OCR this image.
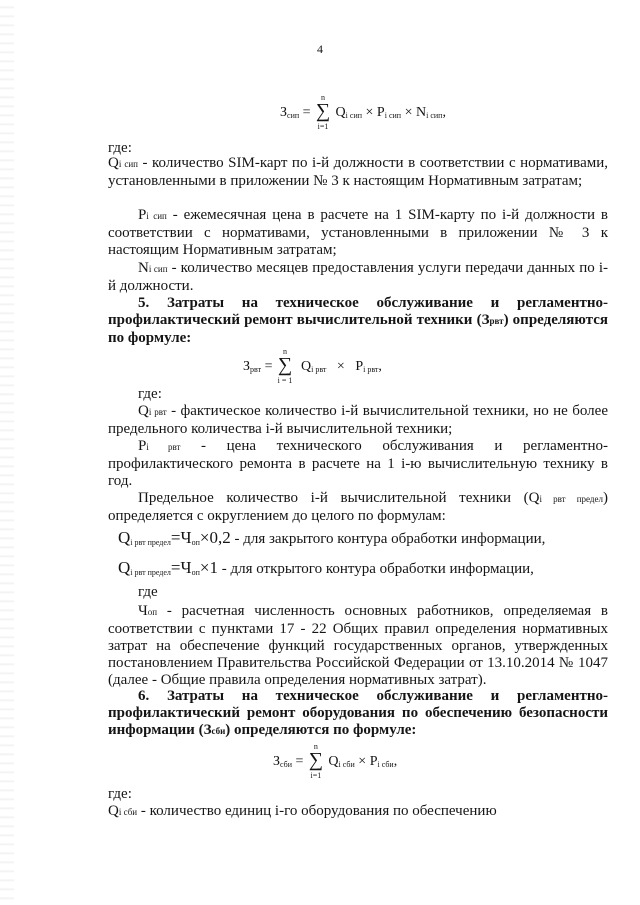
4
$З_{сип}$ =
n
∑
i=1
$Q_{i сип} \times P_{i сип} \times N_{i сип}$,
где:
Qi сип - количество SIM-карт по i-й должности в соответствии с нормативами, установленными в приложении № 3 к настоящим Нормативным затратам;
Pi сип - ежемесячная цена в расчете на 1 SIM-карту по i-й должности в соответствии с нормативами, установленными в приложении № 3 к настоящим Нормативным затратам;
Ni сип - количество месяцев предоставления услуги передачи данных по i-й должности.
5. Затраты на техническое обслуживание и регламентно-профилактический ремонт вычислительной техники (Зрвт) определяются по формуле:
$З_{рвт}$ =
n
∑
i = 1
$Q_{i рвт} \times P_{i рвт}$,
где:
Qi рвт - фактическое количество i-й вычислительной техники, но не более предельного количества i-й вычислительной техники;
Pi рвт - цена технического обслуживания и регламентно-профилактического ремонта в расчете на 1 i-ю вычислительную технику в год.
Предельное количество i-й вычислительной техники (Qi рвт предел) определяется с округлением до целого по формулам:
$Q_{i рвт предел}=Ч_{оп}\times 0,2$ - для закрытого контура обработки информации,
$Q_{i рвт предел}=Ч_{оп}\times 1$ - для открытого контура обработки информации,
где
Чоп - расчетная численность основных работников, определяемая в соответствии с пунктами 17 - 22 Общих правил определения нормативных затрат на обеспечение функций государственных органов, утвержденных постановлением Правительства Российской Федерации от 13.10.2014 № 1047 (далее - Общие правила определения нормативных затрат).
6. Затраты на техническое обслуживание и регламентно-профилактический ремонт оборудования по обеспечению безопасности информации (Зсби) определяются по формуле:
$З_{сби}$ =
n
∑
i=1
$Q_{i сби} \times P_{i сби}$,
где:
Qi сби - количество единиц i-го оборудования по обеспечению
